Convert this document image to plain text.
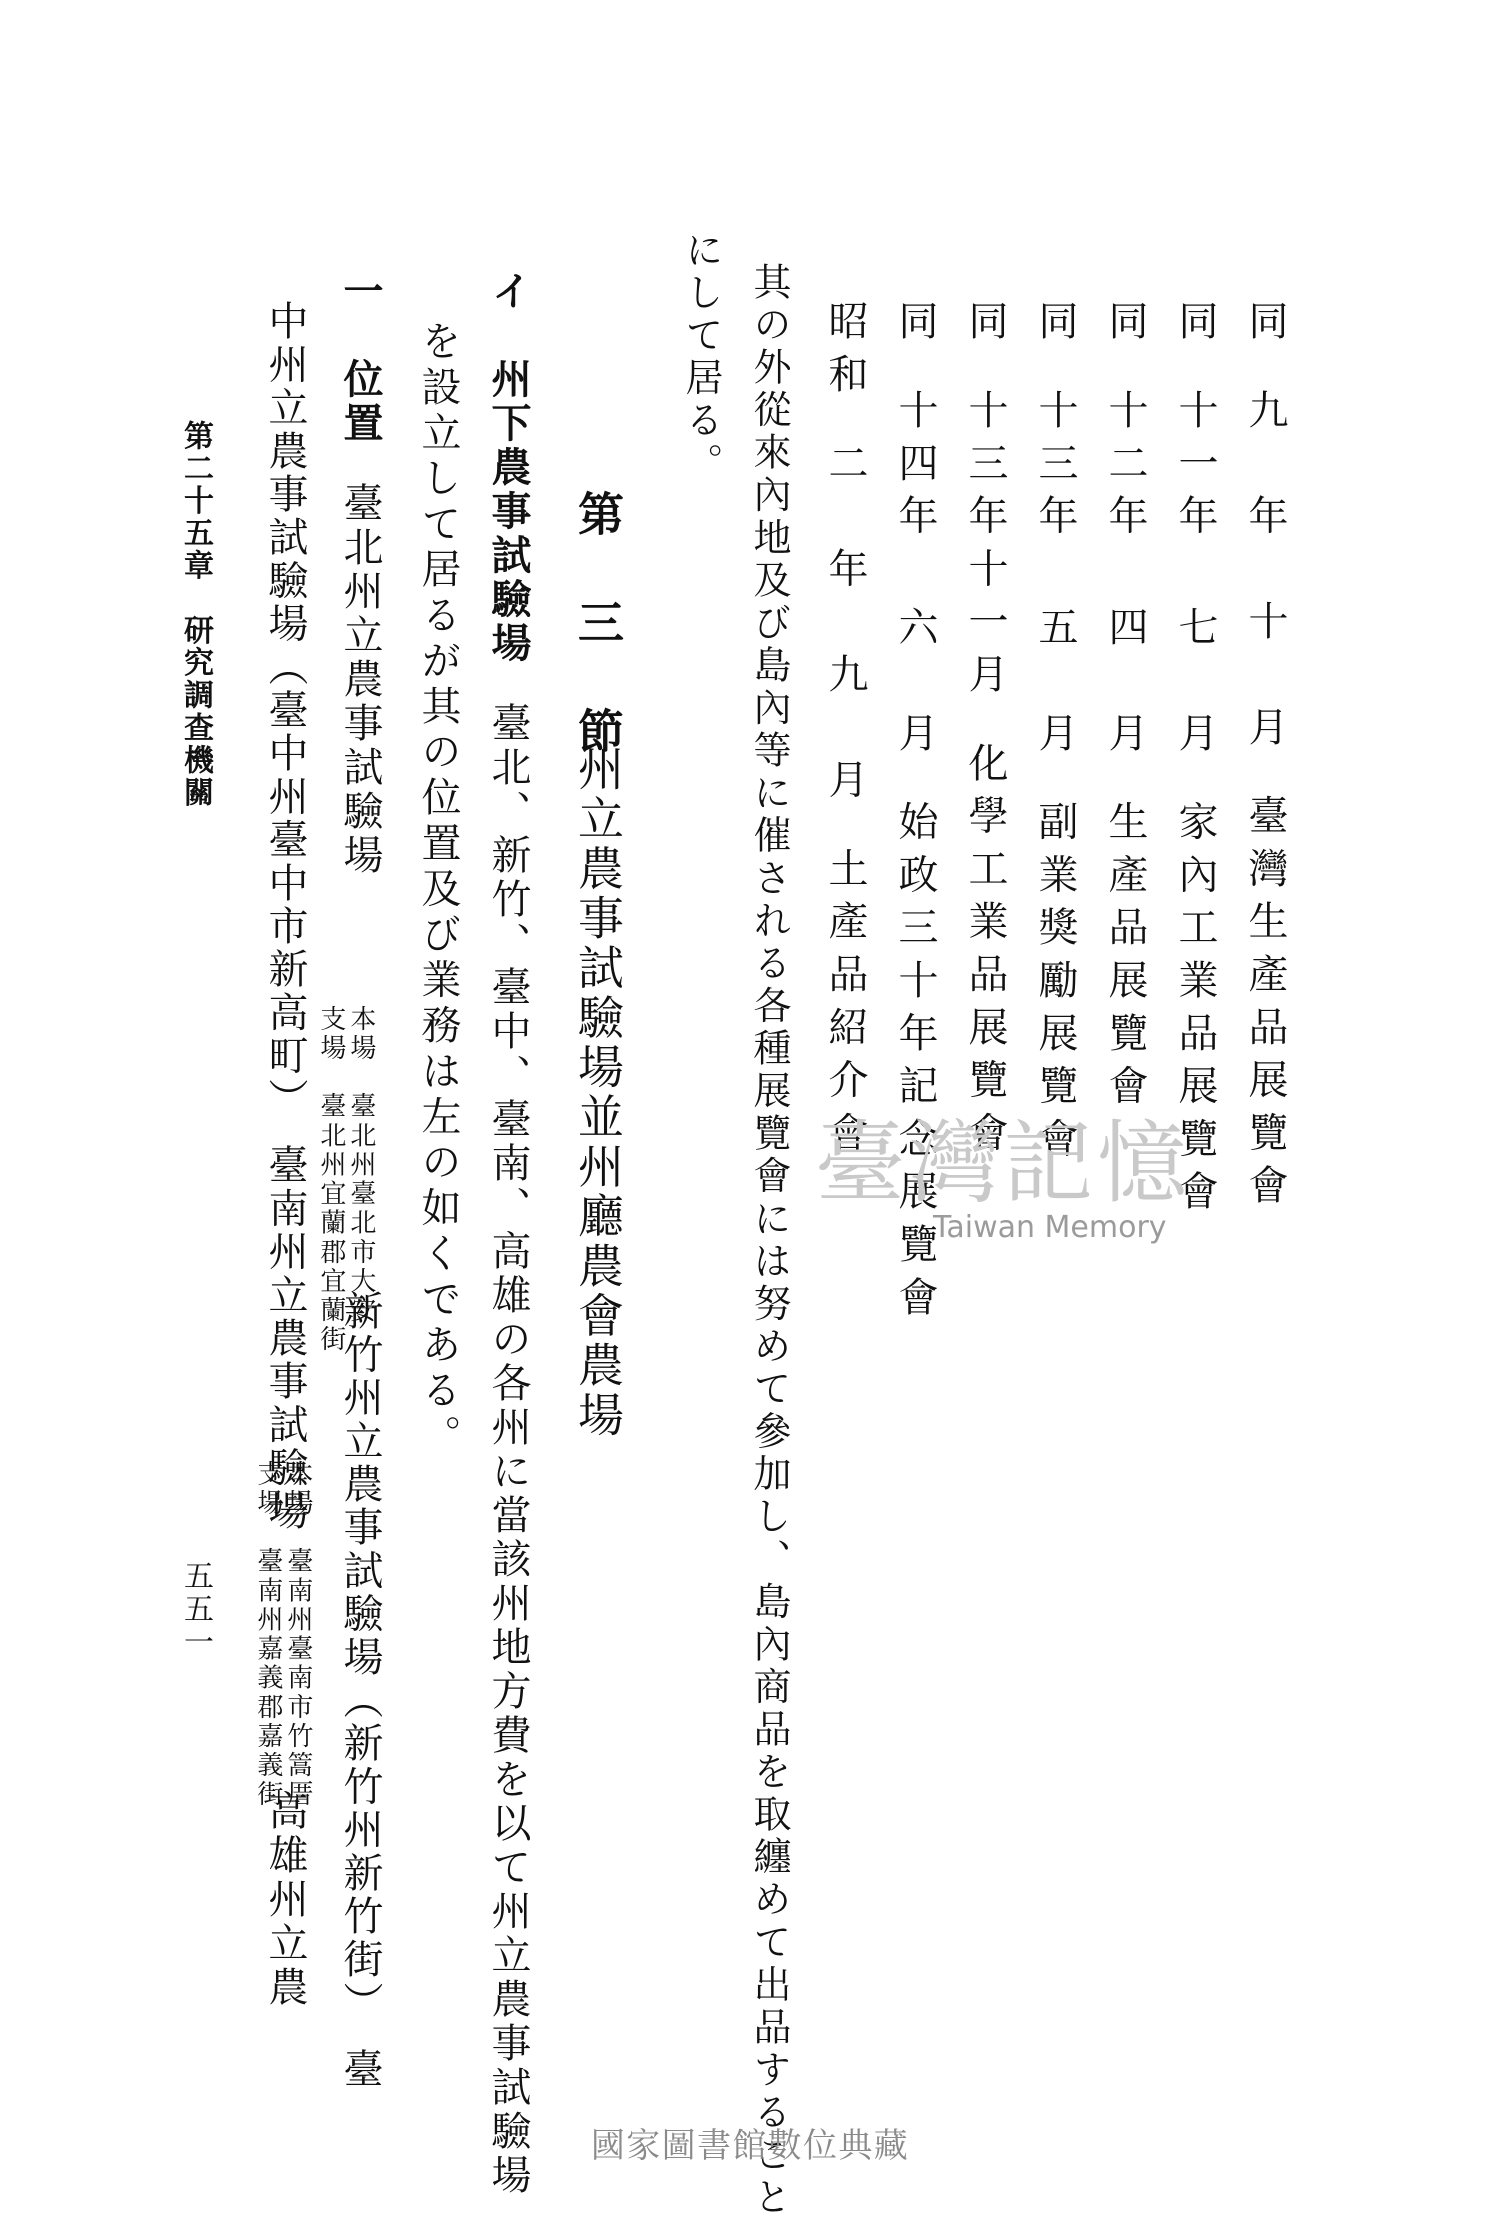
同九　年　十　月臺灣生產品展覽會
同十一年 七　月家內工業品展覽會
同十二年 四　月生產品展覽會
同十三年 五　月副業獎勵展覽會
同十三年十一月化學工業品展覽會
同十四年 六　月始政三十年記念展覽會
昭和二　年　九　月土產品紹介會
其の外從來內地及び島內等に催される各種展覽會には努めて參加し、島內商品を取纏めて出品すること
にして居る。
第　三　節
州立農事試驗場並州廳農會農場
イ　州下農事試驗場臺北、新竹、臺中、臺南、高雄の各州に當該州地方費を以て州立農事試驗場
を設立して居るが其の位置及び業務は左の如くである。
一　位置臺北州立農事試驗場
本場　臺北州臺北市大安
支場　臺北州宜蘭郡宜蘭街
新竹州立農事試驗場（新竹州新竹街）　臺
中州立農事試驗場（臺中州臺中市新高町）　臺南州立農事試驗場
本場　臺南州臺南市竹篙厝
支場　臺南州嘉義郡嘉義街
高雄州立農
第二十五章　研究調查機關
五五一
臺灣記憶
Taiwan Memory
國家圖書館數位典藏
